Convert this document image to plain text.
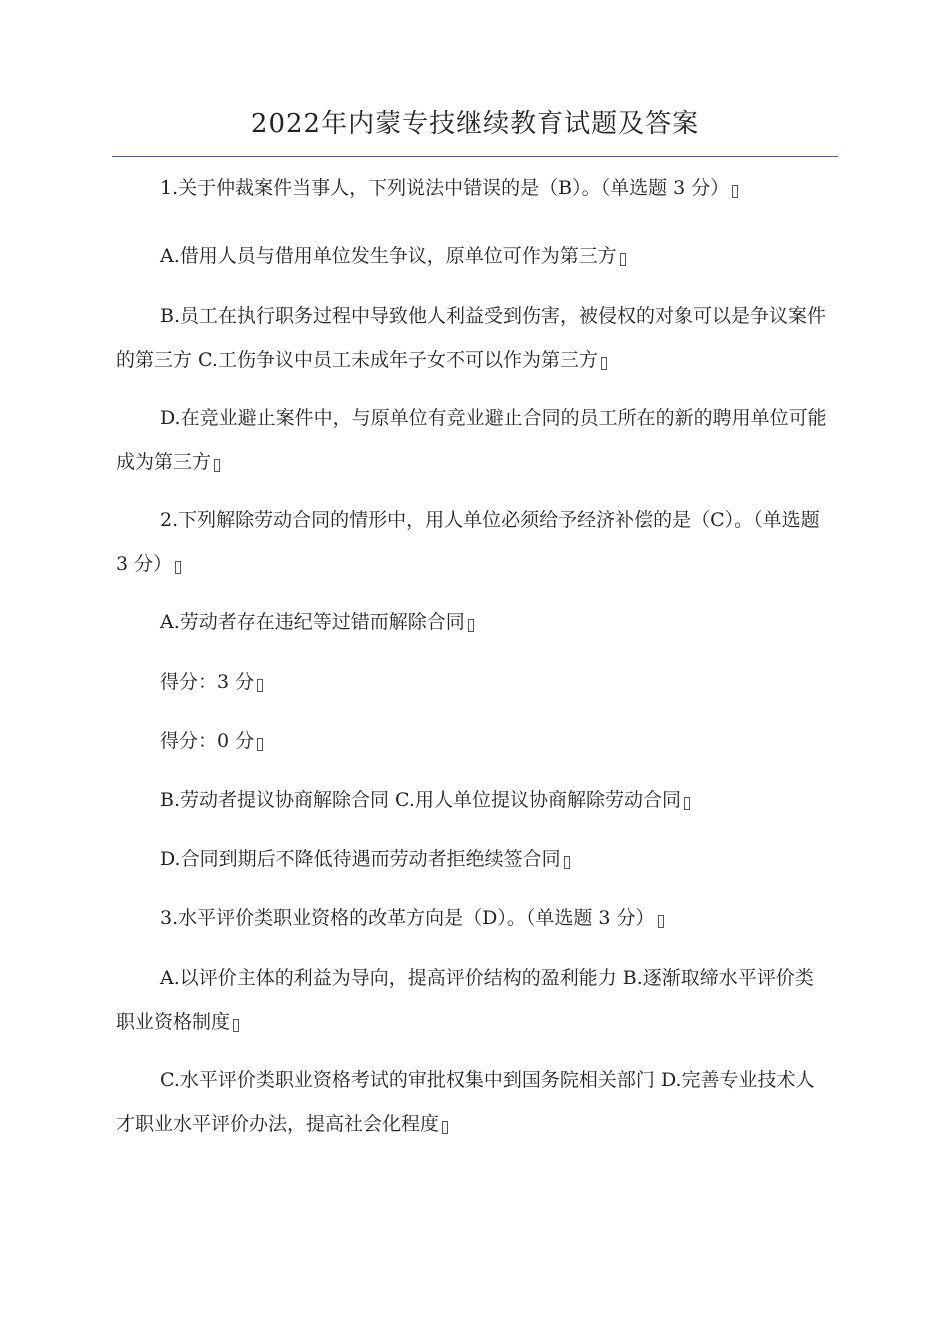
2022年内蒙专技继续教育试题及答案
1.关于仲裁案件当事人，下列说法中错误的是（B）。（单选题 3 分）
A.借用人员与借用单位发生争议，原单位可作为第三方
B.员工在执行职务过程中导致他人利益受到伤害，被侵权的对象可以是争议案件的第三方 C.工伤争议中员工未成年子女不可以作为第三方
D.在竞业避止案件中，与原单位有竞业避止合同的员工所在的新的聘用单位可能成为第三方
2.下列解除劳动合同的情形中，用人单位必须给予经济补偿的是（C）。（单选题 3 分）
A.劳动者存在违纪等过错而解除合同
得分：3 分
得分：0 分
B.劳动者提议协商解除合同 C.用人单位提议协商解除劳动合同
D.合同到期后不降低待遇而劳动者拒绝续签合同
3.水平评价类职业资格的改革方向是（D）。（单选题 3 分）
A.以评价主体的利益为导向，提高评价结构的盈利能力 B.逐渐取缔水平评价类职业资格制度
C.水平评价类职业资格考试的审批权集中到国务院相关部门 D.完善专业技术人才职业水平评价办法，提高社会化程度
